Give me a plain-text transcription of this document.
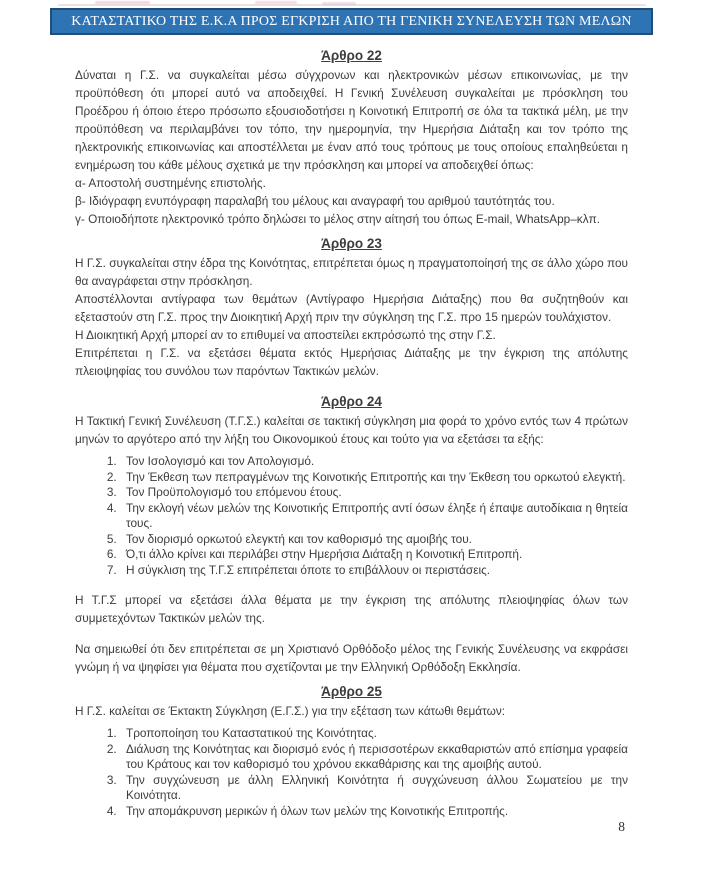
ΚΑΤΑΣΤΑΤΙΚΟ ΤΗΣ Ε.Κ.Α ΠΡΟΣ ΕΓΚΡΙΣΗ ΑΠΟ ΤΗ ΓΕΝΙΚΗ ΣΥΝΕΛΕΥΣΗ ΤΩΝ ΜΕΛΩΝ
Άρθρο 22

Δύναται η Γ.Σ. να συγκαλείται μέσω σύγχρονων και ηλεκτρονικών μέσων επικοινωνίας, με την προϋπόθεση ότι μπορεί αυτό να αποδειχθεί. Η Γενική Συνέλευση συγκαλείται με πρόσκληση του Προέδρου ή όποιο έτερο πρόσωπο εξουσιοδοτήσει η Κοινοτική Επιτροπή σε όλα τα τακτικά μέλη, με την προϋπόθεση να περιλαμβάνει τον τόπο, την ημερομηνία, την Ημερήσια Διάταξη και τον τρόπο της ηλεκτρονικής επικοινωνίας και αποστέλλεται με έναν από τους τρόπους με τους οποίους επαληθεύεται η ενημέρωση του κάθε μέλους σχετικά με την πρόσκληση και μπορεί να αποδειχθεί όπως:

α- Αποστολή συστημένης επιστολής.

β- Ιδιόγραφη ενυπόγραφη παραλαβή του μέλους και αναγραφή του αριθμού ταυτότητάς του.

γ- Οποιοδήποτε ηλεκτρονικό τρόπο δηλώσει το μέλος στην αίτησή του όπως E-mail, WhatsApp–κλπ.

Άρθρο 23

Η Γ.Σ. συγκαλείται στην έδρα της Κοινότητας, επιτρέπεται όμως η πραγματοποίησή της σε άλλο χώρο που θα αναγράφεται στην πρόσκληση.

Αποστέλλονται αντίγραφα των θεμάτων (Αντίγραφο Ημερήσια Διάταξης) που θα συζητηθούν και εξεταστούν στη Γ.Σ. προς την Διοικητική Αρχή πριν την σύγκληση της Γ.Σ. προ 15 ημερών τουλάχιστον.

Η Διοικητική Αρχή μπορεί αν το επιθυμεί να αποστείλει εκπρόσωπό της στην Γ.Σ.

Επιτρέπεται η Γ.Σ. να εξετάσει θέματα εκτός Ημερήσιας Διάταξης με την έγκριση της απόλυτης πλειοψηφίας του συνόλου των παρόντων Τακτικών μελών.

Άρθρο 24

Η Τακτική Γενική Συνέλευση (Τ.Γ.Σ.) καλείται σε τακτική σύγκληση μια φορά το χρόνο εντός των 4 πρώτων μηνών το αργότερο από την λήξη του Οικονομικού έτους και τούτο για να εξετάσει τα εξής:

1. Τον Ισολογισμό και τον Απολογισμό.
2. Την Έκθεση των πεπραγμένων της Κοινοτικής Επιτροπής και την Έκθεση του ορκωτού ελεγκτή.
3. Τον Προϋπολογισμό του επόμενου έτους.
4. Την εκλογή νέων μελών της Κοινοτικής Επιτροπής αντί όσων έληξε ή έπαψε αυτοδίκαια η θητεία τους.
5. Τον διορισμό ορκωτού ελεγκτή και τον καθορισμό της αμοιβής του.
6. Ό,τι άλλο κρίνει και περιλάβει στην Ημερήσια Διάταξη η Κοινοτική Επιτροπή.
7. Η σύγκλιση της Τ.Γ.Σ επιτρέπεται όποτε το επιβάλλουν οι περιστάσεις.

Η Τ.Γ.Σ μπορεί να εξετάσει άλλα θέματα με την έγκριση της απόλυτης πλειοψηφίας όλων των συμμετεχόντων Τακτικών μελών της.

Να σημειωθεί ότι δεν επιτρέπεται σε μη Χριστιανό Ορθόδοξο μέλος της Γενικής Συνέλευσης να εκφράσει γνώμη ή να ψηφίσει για θέματα που σχετίζονται με την Ελληνική Ορθόδοξη Εκκλησία.

Άρθρο 25

Η Γ.Σ. καλείται σε Έκτακτη Σύγκληση (Ε.Γ.Σ.) για την εξέταση των κάτωθι θεμάτων:

1. Τροποποίηση του Καταστατικού της Κοινότητας.
2. Διάλυση της Κοινότητας και διορισμό ενός ή περισσοτέρων εκκαθαριστών από επίσημα γραφεία του Κράτους και τον καθορισμό του χρόνου εκκαθάρισης και της αμοιβής αυτού.
3. Την συγχώνευση με άλλη Ελληνική Κοινότητα ή συγχώνευση άλλου Σωματείου με την Κοινότητα.
4. Την απομάκρυνση μερικών ή όλων των μελών της Κοινοτικής Επιτροπής.
8
